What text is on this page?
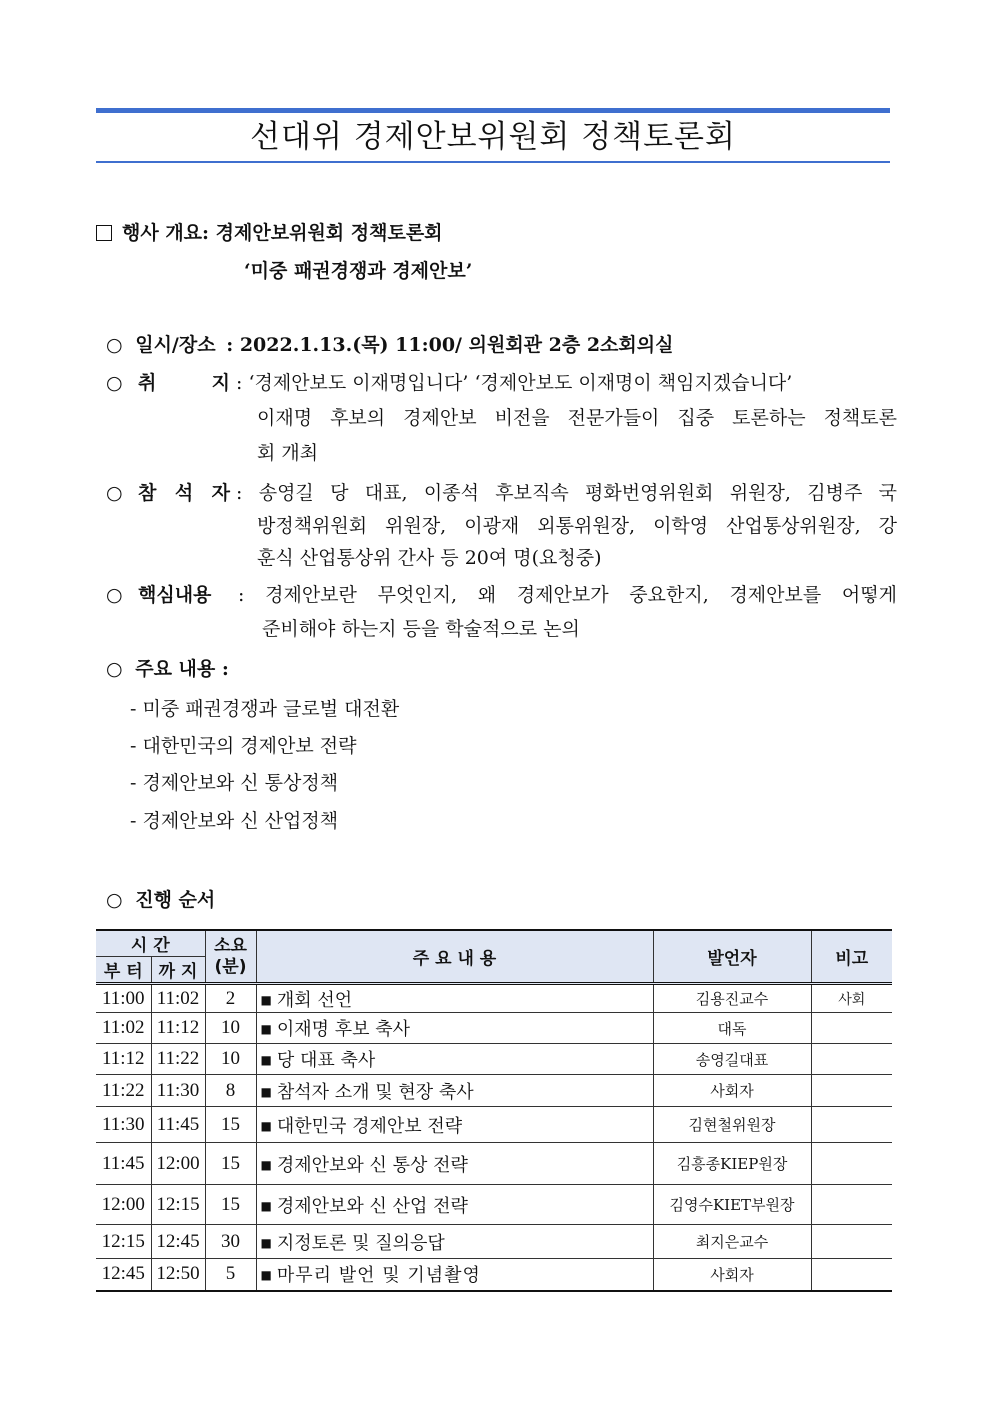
선대위 경제안보위원회 정책토론회
행사 개요: 경제안보위원회 정책토론회
‘미중 패권경쟁과 경제안보’
○ 일시/장소 : 2022.1.13.(목) 11:00/ 의원회관 2층 2소회의실
○ 취 지 : ‘경제안보도 이재명입니다’ ‘경제안보도 이재명이 책임지겠습니다’
이재명 후보의 경제안보 비전을 전문가들이 집중 토론하는 정책토론
회 개최
○ 참 석 자 : 송영길 당 대표, 이종석 후보직속 평화번영위원회 위원장, 김병주 국
방정책위원회 위원장, 이광재 외통위원장, 이학영 산업통상위원장, 강
훈식 산업통상위 간사 등 20여 명(요청중)
○ 핵심내용 : 경제안보란 무엇인지, 왜 경제안보가 중요한지, 경제안보를 어떻게
준비해야 하는지 등을 학술적으로 논의
○ 주요 내용 :
- 미중 패권경쟁과 글로벌 대전환
- 대한민국의 경제안보 전략
- 경제안보와 신 통상정책
- 경제안보와 신 산업정책
○ 진행 순서
시 간		소요 (분)	주 요 내 용	발언자	비고
부 터	까 지				
11:00	11:02	2	■ 개회 선언	김용진교수	사회
11:02	11:12	10	■ 이재명 후보 축사	대독	
11:12	11:22	10	■ 당 대표 축사	송영길대표	
11:22	11:30	8	■ 참석자 소개 및 현장 축사	사회자	
11:30	11:45	15	■ 대한민국 경제안보 전략	김현철위원장	
11:45	12:00	15	■ 경제안보와 신 통상 전략	김흥종KIEP원장	
12:00	12:15	15	■ 경제안보와 신 산업 전략	김영수KIET부원장	
12:15	12:45	30	■ 지정토론 및 질의응답	최지은교수	
12:45	12:50	5	■ 마무리 발언 및 기념촬영	사회자	
